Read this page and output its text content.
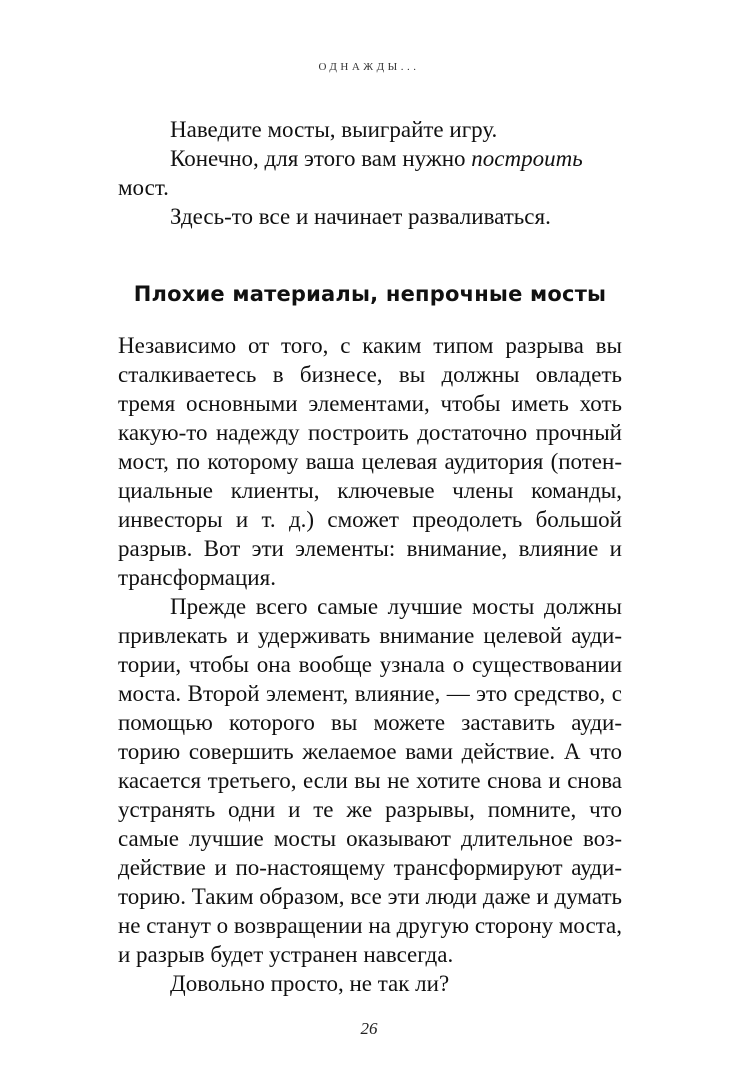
ОДНАЖДЫ...

Наведите мосты, выиграйте игру.

Конечно, для этого вам нужно построить мост.

Здесь-то все и начинает разваливаться.

Плохие материалы, непрочные мосты

Независимо от того, с каким типом разрыва вы сталкиваетесь в бизнесе, вы должны овладеть тремя основными элементами, чтобы иметь хоть какую-то надежду построить достаточно прочный мост, по которому ваша целевая аудитория (потенциальные клиенты, ключевые члены команды, инвесторы и т. д.) сможет преодолеть большой разрыв. Вот эти элементы: внимание, влияние и трансформация.

Прежде всего самые лучшие мосты должны привлекать и удерживать внимание целевой аудитории, чтобы она вообще узнала о существовании моста. Второй элемент, влияние, — это средство, с помощью которого вы можете заставить аудиторию совершить желаемое вами действие. А что касается третьего, если вы не хотите снова и снова устранять одни и те же разрывы, помните, что самые лучшие мосты оказывают длительное воздействие и по-настоящему трансформируют аудиторию. Таким образом, все эти люди даже и думать не станут о возвращении на другую сторону моста, и разрыв будет устранен навсегда.

Довольно просто, не так ли?

26
